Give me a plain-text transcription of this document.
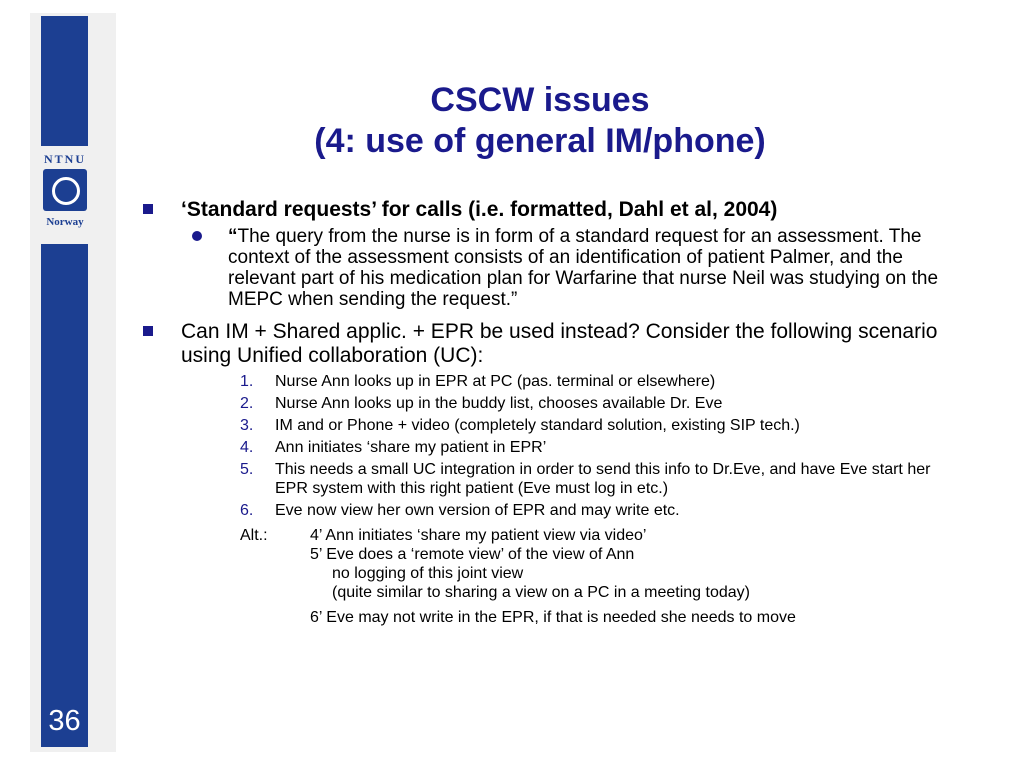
NTNU
Norway
36
CSCW issues
(4: use of general IM/phone)
‘Standard requests’ for calls (i.e. formatted, Dahl et al, 2004)
“The query from the nurse is in form of a standard request for an assessment. The context of the assessment consists of an identification of patient Palmer, and the relevant part of his medication plan for Warfarine that nurse Neil was studying on the MEPC when sending the request.”
Can IM + Shared applic. + EPR be used instead? Consider the following scenario using Unified collaboration (UC):
1. Nurse Ann looks up in EPR at PC (pas. terminal or elsewhere)
2. Nurse Ann looks up in the buddy list, chooses available Dr. Eve
3. IM and or Phone + video (completely standard solution, existing SIP tech.)
4. Ann initiates ‘share my patient in EPR’
5. This needs a small UC integration in order to send this info to Dr.Eve, and have Eve start her EPR system with this right patient (Eve must log in etc.)
6. Eve now view her own version of EPR and may write etc.
Alt.:	4’ Ann initiates ‘share my patient view via video’
5’ Eve does a ‘remote view’ of the view of Ann
no logging of this joint view
(quite similar to sharing a view on a PC in a meeting today)
6’ Eve may not write in the EPR, if that is needed she needs to move
